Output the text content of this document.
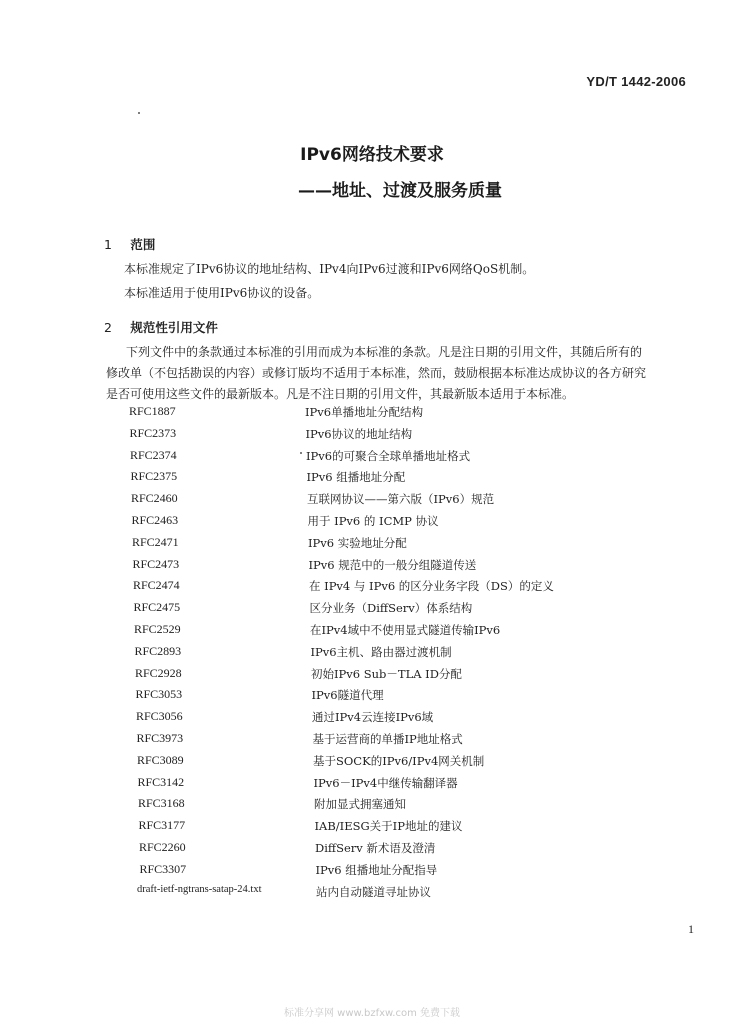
YD/T 1442-2006
IPv6网络技术要求
——地址、过渡及服务质量
1 范围
本标准规定了IPv6协议的地址结构、IPv4向IPv6过渡和IPv6网络QoS机制。
本标准适用于使用IPv6协议的设备。
2 规范性引用文件
下列文件中的条款通过本标准的引用而成为本标准的条款。凡是注日期的引用文件，其随后所有的
修改单（不包括勘误的内容）或修订版均不适用于本标准，然而，鼓励根据本标准达成协议的各方研究
是否可使用这些文件的最新版本。凡是不注日期的引用文件，其最新版本适用于本标准。
RFC1887	IPv6单播地址分配结构
RFC2373	IPv6协议的地址结构
RFC2374	IPv6的可聚合全球单播地址格式
RFC2375	IPv6 组播地址分配
RFC2460	互联网协议——第六版（IPv6）规范
RFC2463	用于 IPv6 的 ICMP 协议
RFC2471	IPv6 实验地址分配
RFC2473	IPv6 规范中的一般分组隧道传送
RFC2474	在 IPv4 与 IPv6 的区分业务字段（DS）的定义
RFC2475	区分业务（DiffServ）体系结构
RFC2529	在IPv4域中不使用显式隧道传输IPv6
RFC2893	IPv6主机、路由器过渡机制
RFC2928	初始IPv6 Sub－TLA ID分配
RFC3053	IPv6隧道代理
RFC3056	通过IPv4云连接IPv6域
RFC3973	基于运营商的单播IP地址格式
RFC3089	基于SOCK的IPv6/IPv4网关机制
RFC3142	IPv6－IPv4中继传输翻译器
RFC3168	附加显式拥塞通知
RFC3177	IAB/IESG关于IP地址的建议
RFC2260	DiffServ 新术语及澄清
RFC3307	IPv6 组播地址分配指导
draft-ietf-ngtrans-satap-24.txt	站内自动隧道寻址协议
1
标准分享网 www.bzfxw.com 免费下载
